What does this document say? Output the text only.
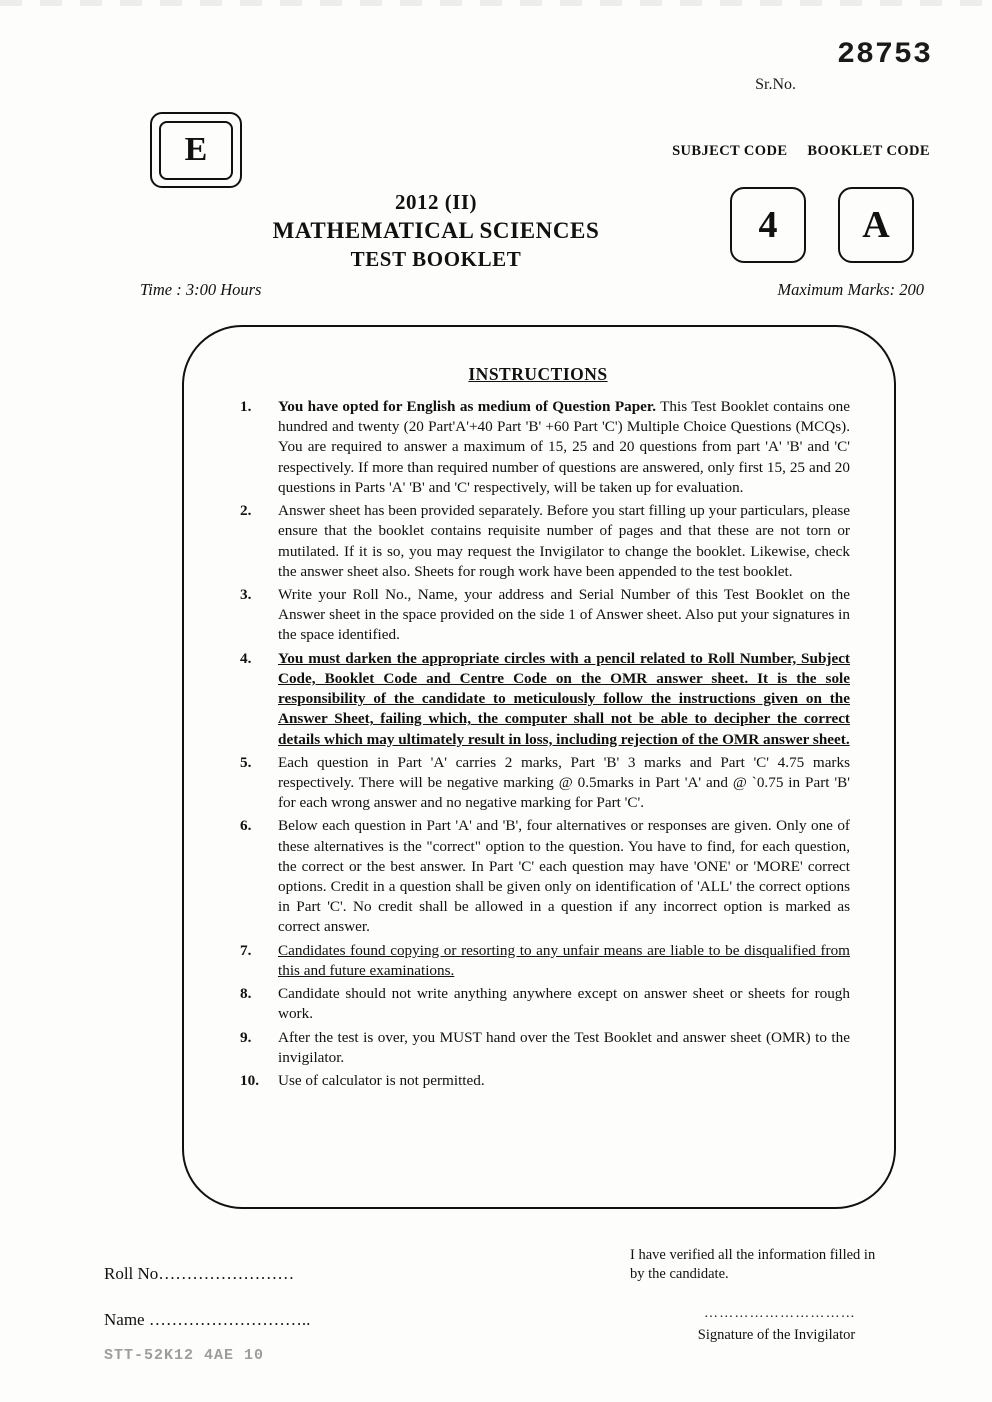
28753
Sr.No.
E	SUBJECT CODE BOOKLET CODE
4 A
2012 (II)
MATHEMATICAL SCIENCES
TEST BOOKLET
Time : 3:00 Hours	Maximum Marks: 200
INSTRUCTIONS
1. You have opted for English as medium of Question Paper. This Test Booklet contains one hundred and twenty (20 Part'A'+40 Part 'B' +60 Part 'C') Multiple Choice Questions (MCQs). You are required to answer a maximum of 15, 25 and 20 questions from part 'A' 'B' and 'C' respectively. If more than required number of questions are answered, only first 15, 25 and 20 questions in Parts 'A' 'B' and 'C' respectively, will be taken up for evaluation.
2. Answer sheet has been provided separately. Before you start filling up your particulars, please ensure that the booklet contains requisite number of pages and that these are not torn or mutilated. If it is so, you may request the Invigilator to change the booklet. Likewise, check the answer sheet also. Sheets for rough work have been appended to the test booklet.
3. Write your Roll No., Name, your address and Serial Number of this Test Booklet on the Answer sheet in the space provided on the side 1 of Answer sheet. Also put your signatures in the space identified.
4. You must darken the appropriate circles with a pencil related to Roll Number, Subject Code, Booklet Code and Centre Code on the OMR answer sheet. It is the sole responsibility of the candidate to meticulously follow the instructions given on the Answer Sheet, failing which, the computer shall not be able to decipher the correct details which may ultimately result in loss, including rejection of the OMR answer sheet.
5. Each question in Part 'A' carries 2 marks, Part 'B' 3 marks and Part 'C' 4.75 marks respectively. There will be negative marking @ 0.5marks in Part 'A' and @ `0.75 in Part 'B' for each wrong answer and no negative marking for Part 'C'.
6. Below each question in Part 'A' and 'B', four alternatives or responses are given. Only one of these alternatives is the "correct" option to the question. You have to find, for each question, the correct or the best answer. In Part 'C' each question may have 'ONE' or 'MORE' correct options. Credit in a question shall be given only on identification of 'ALL' the correct options in Part 'C'. No credit shall be allowed in a question if any incorrect option is marked as correct answer.
7. Candidates found copying or resorting to any unfair means are liable to be disqualified from this and future examinations.
8. Candidate should not write anything anywhere except on answer sheet or sheets for rough work.
9. After the test is over, you MUST hand over the Test Booklet and answer sheet (OMR) to the invigilator.
10. Use of calculator is not permitted.
Roll No……………………
Name ………………………..
STT-52K12 4AE 10
I have verified all the information filled in by the candidate.
…………………………
Signature of the Invigilator
